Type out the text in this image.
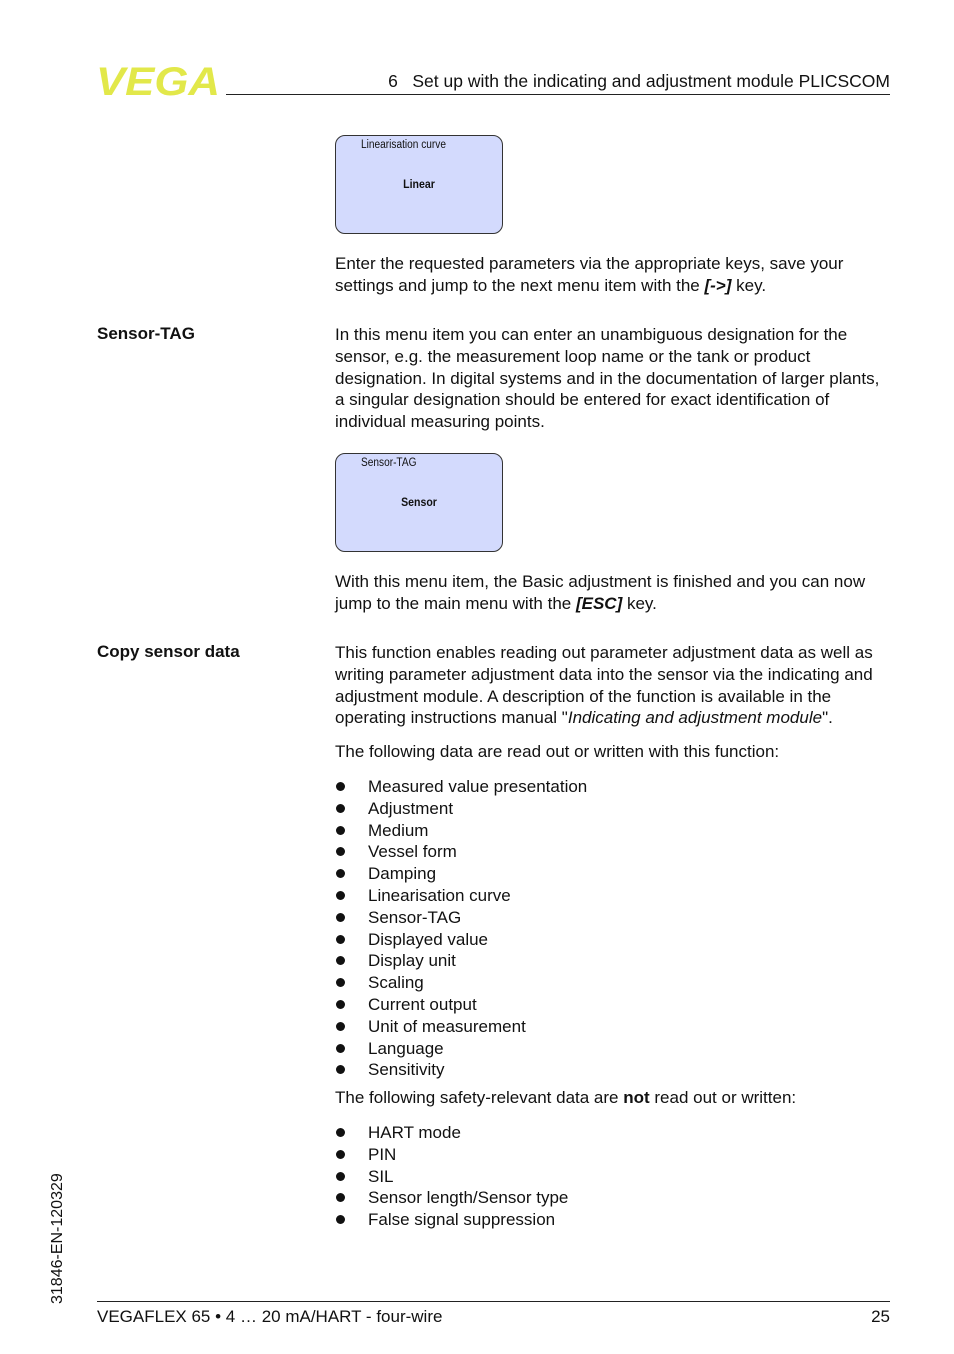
VEGA	6   Set up with the indicating and adjustment module PLICSCOM
Linearisation curve
Linear
Enter the requested parameters via the appropriate keys, save your settings and jump to the next menu item with the [->] key.
Sensor-TAG	In this menu item you can enter an unambiguous designation for the sensor, e.g. the measurement loop name or the tank or product designation. In digital systems and in the documentation of larger plants, a singular designation should be entered for exact identification of individual measuring points.
Sensor-TAG
Sensor
With this menu item, the Basic adjustment is finished and you can now jump to the main menu with the [ESC] key.
Copy sensor data	This function enables reading out parameter adjustment data as well as writing parameter adjustment data into the sensor via the indicating and adjustment module. A description of the function is available in the operating instructions manual "Indicating and adjustment module".
The following data are read out or written with this function:
Measured value presentation
Adjustment
Medium
Vessel form
Damping
Linearisation curve
Sensor-TAG
Displayed value
Display unit
Scaling
Current output
Unit of measurement
Language
Sensitivity
The following safety-relevant data are not read out or written:
HART mode
PIN
SIL
Sensor length/Sensor type
False signal suppression
31846-EN-120329
VEGAFLEX 65 • 4 … 20 mA/HART - four-wire	25
